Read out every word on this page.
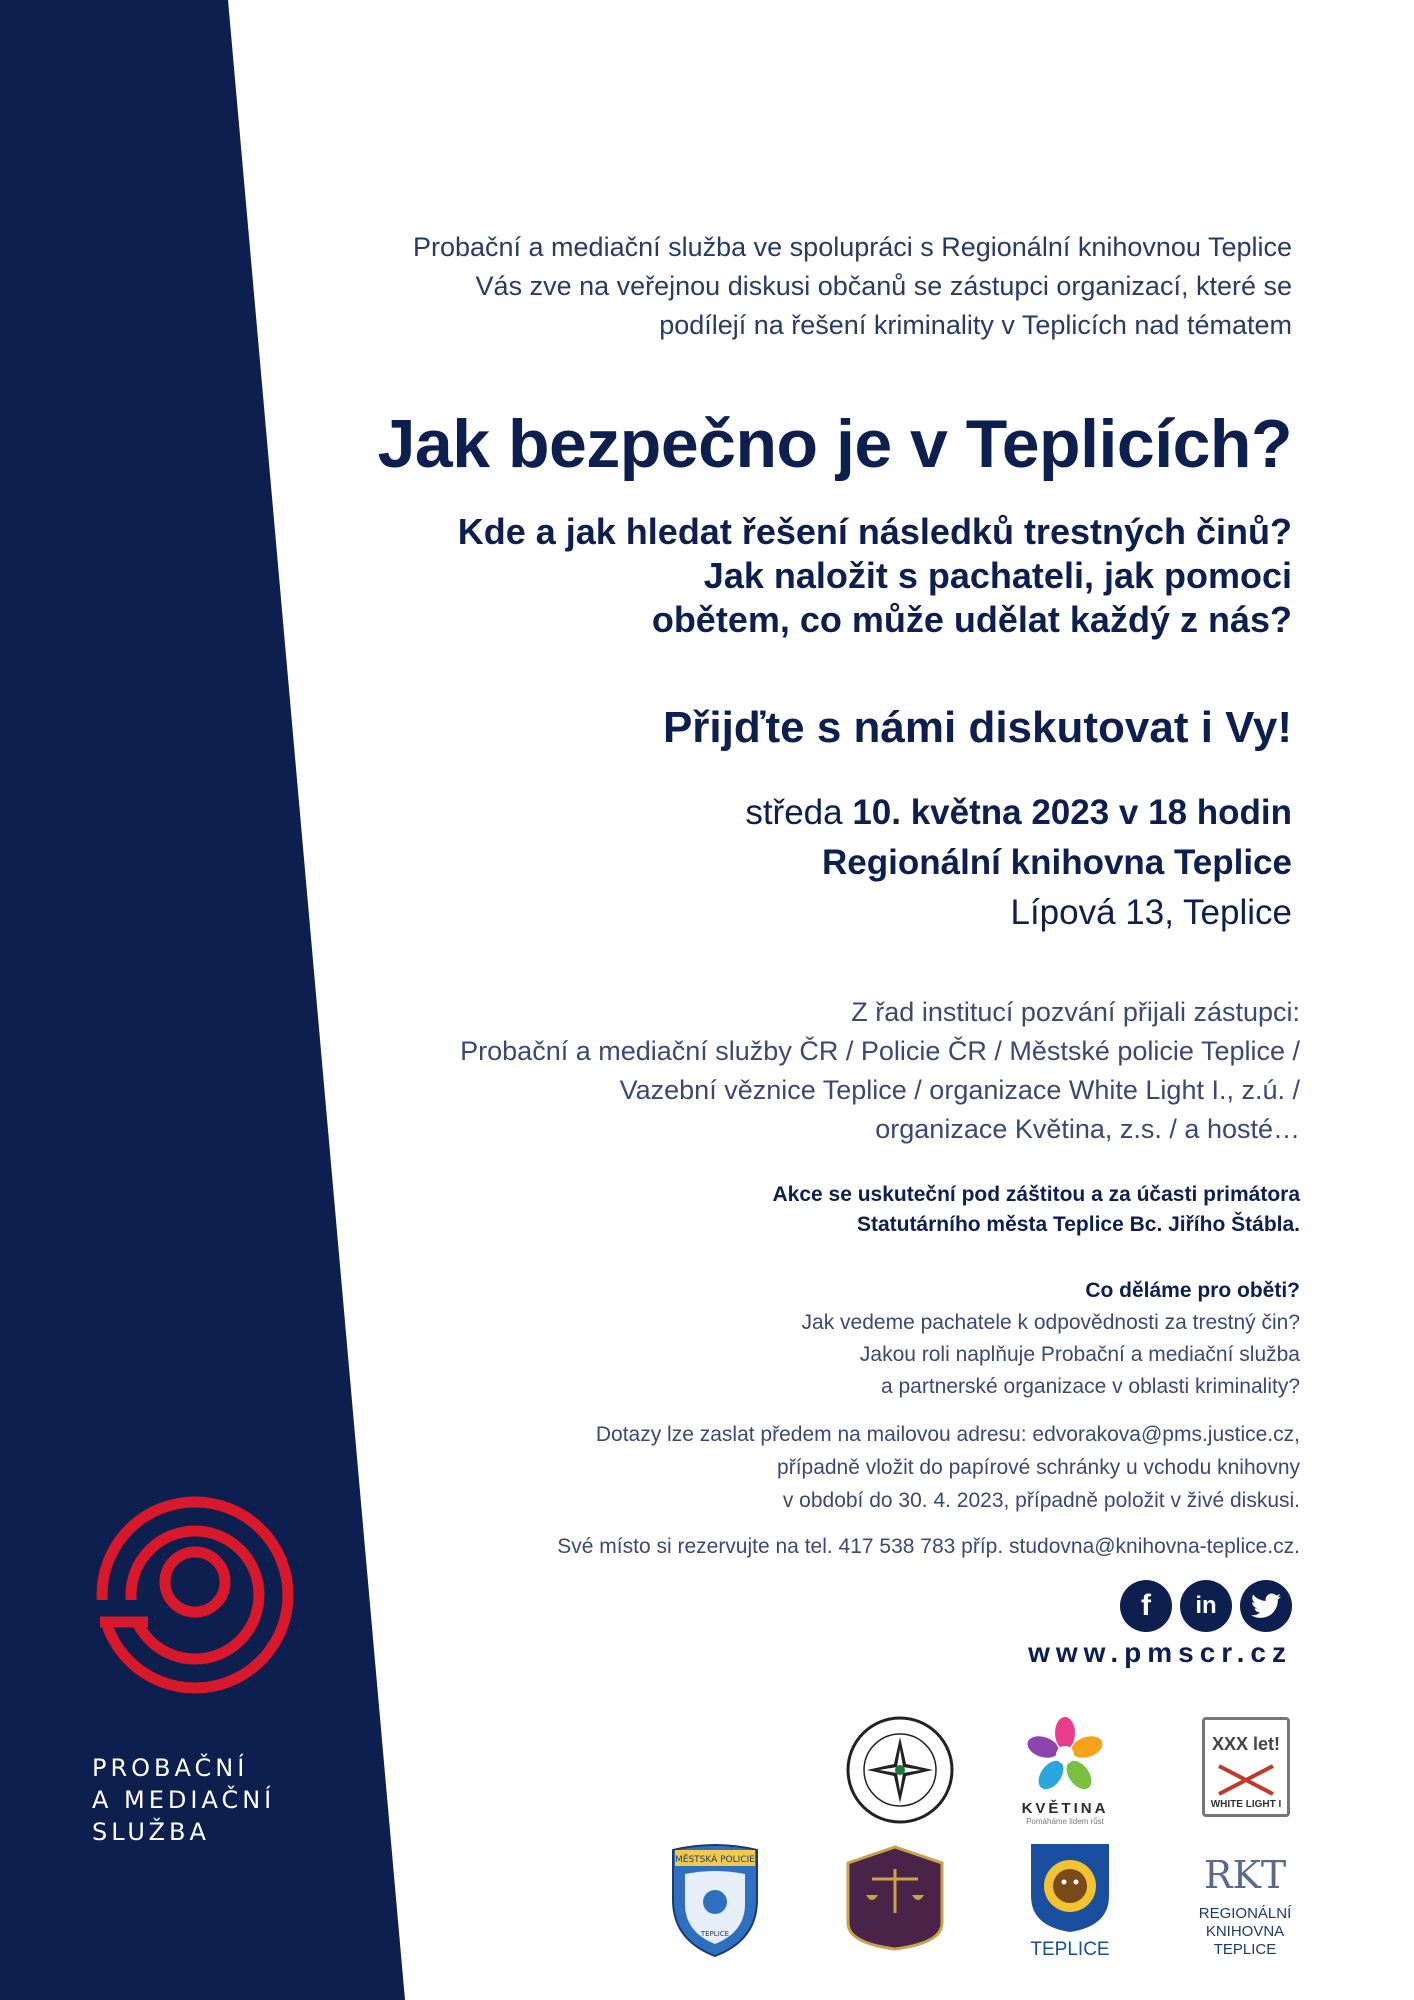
PROBAČNÍ
A MEDIAČNÍ
SLUŽBA
Probační a mediační služba ve spolupráci s Regionální knihovnou Teplice
Vás zve na veřejnou diskusi občanů se zástupci organizací, které se
podílejí na řešení kriminality v Teplicích nad tématem
Jak bezpečno je v Teplicích?
Kde a jak hledat řešení následků trestných činů?
Jak naložit s pachateli, jak pomoci
obětem, co může udělat každý z nás?
Přijďte s námi diskutovat i Vy!
středa 10. května 2023 v 18 hodin
Regionální knihovna Teplice
Lípová 13, Teplice
Z řad institucí pozvání přijali zástupci:
Probační a mediační služby ČR / Policie ČR / Městské policie Teplice /
Vazební věznice Teplice / organizace White Light I., z.ú. /
organizace Květina, z.s. / a hosté…
Akce se uskuteční pod záštitou a za účasti primátora
Statutárního města Teplice Bc. Jiřího Štábla.
Co děláme pro oběti?
Jak vedeme pachatele k odpovědnosti za trestný čin?
Jakou roli naplňuje Probační a mediační služba
a partnerské organizace v oblasti kriminality?
Dotazy lze zaslat předem na mailovou adresu: edvorakova@pms.justice.cz,
případně vložit do papírové schránky u vchodu knihovny
v období do 30. 4. 2023, případně položit v živé diskusi.
Své místo si rezervujte na tel. 417 538 783 příp. studovna@knihovna-teplice.cz.
f in
www.pmscr.cz
KVĚTINA
Pomáháme lidem růst
XXX let!
WHITE LIGHT I
MĚSTSKÁ POLICIE
TEPLICE
TEPLICE
RKT
REGIONÁLNÍ
KNIHOVNA
TEPLICE
